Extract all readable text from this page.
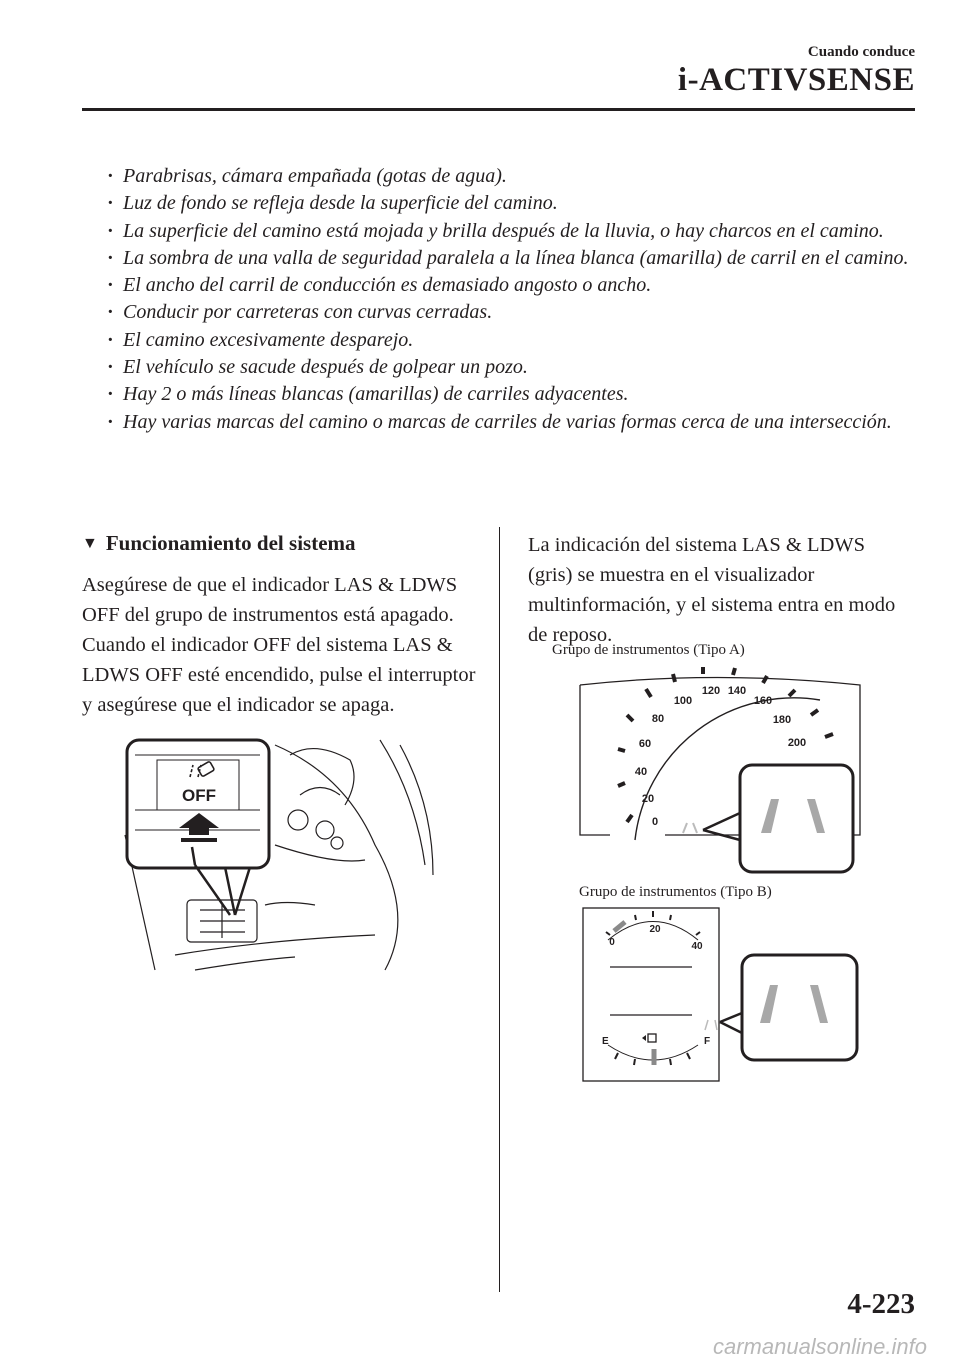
Cuando conduce
i-ACTIVSENSE
· Parabrisas, cámara empañada (gotas de agua).
· Luz de fondo se refleja desde la superficie del camino.
· La superficie del camino está mojada y brilla después de la lluvia, o hay charcos en el camino.
· La sombra de una valla de seguridad paralela a la línea blanca (amarilla) de carril en el camino.
· El ancho del carril de conducción es demasiado angosto o ancho.
· Conducir por carreteras con curvas cerradas.
· El camino excesivamente desparejo.
· El vehículo se sacude después de golpear un pozo.
· Hay 2 o más líneas blancas (amarillas) de carriles adyacentes.
· Hay varias marcas del camino o marcas de carriles de varias formas cerca de una intersección.
▼ Funcionamiento del sistema
Asegúrese de que el indicador LAS & LDWS OFF del grupo de instrumentos está apagado. Cuando el indicador OFF del sistema LAS & LDWS OFF esté encendido, pulse el interruptor y asegúrese que el indicador se apaga.
La indicación del sistema LAS & LDWS (gris) se muestra en el visualizador multinformación, y el sistema entra en modo de reposo.
OFF
Grupo de instrumentos (Tipo A)
0
20
40
60
80
100
120 140
160
180
200
Grupo de instrumentos (Tipo B)
0
20
40
E	F
4-223
carmanualsonline.info
